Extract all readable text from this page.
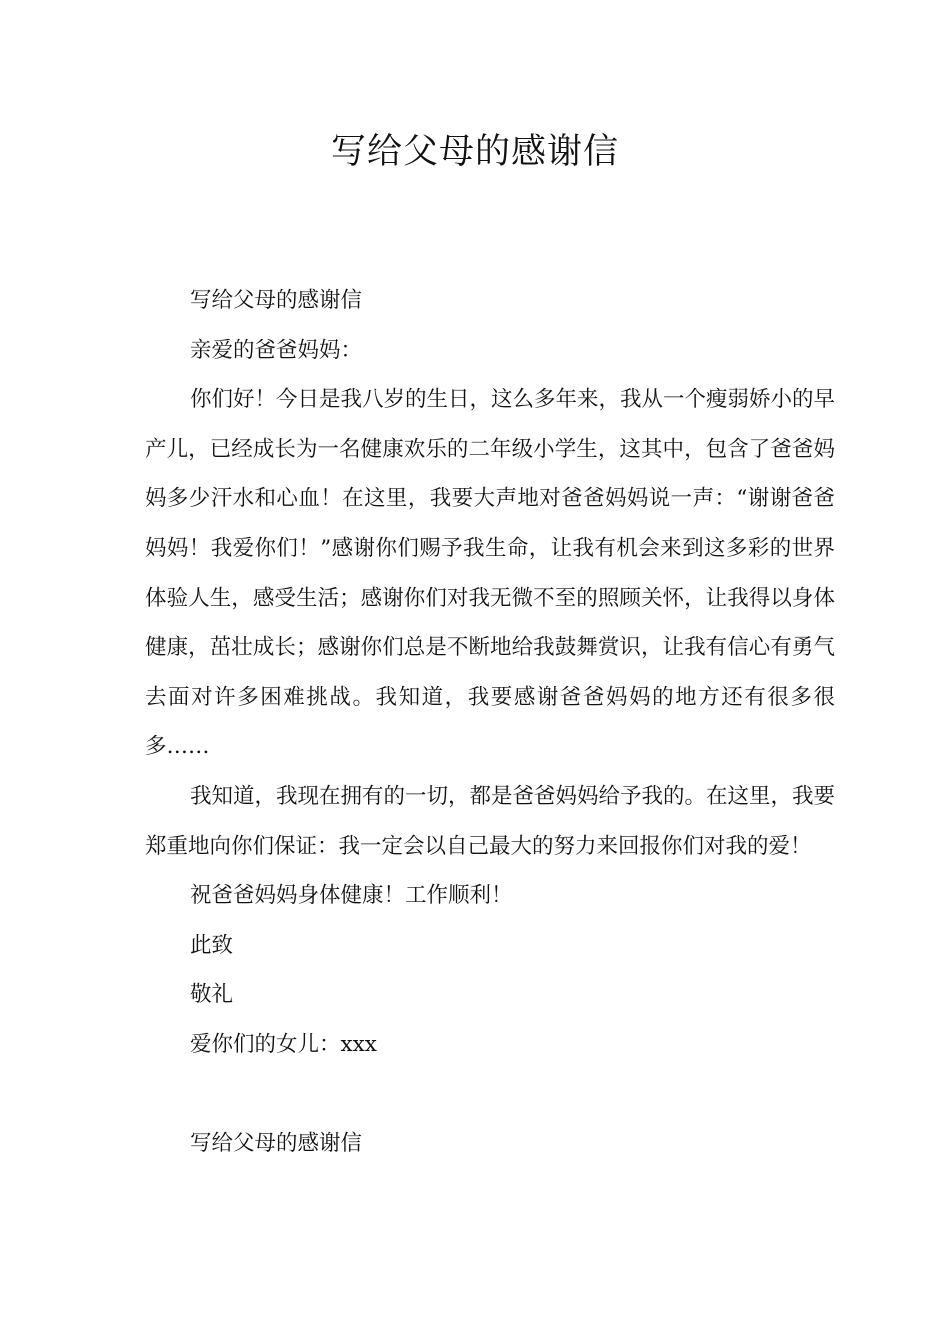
写给父母的感谢信

写给父母的感谢信

亲爱的爸爸妈妈：

你们好！今日是我八岁的生日，这么多年来，我从一个瘦弱娇小的早产儿，已经成长为一名健康欢乐的二年级小学生，这其中，包含了爸爸妈妈多少汗水和心血！在这里，我要大声地对爸爸妈妈说一声：“谢谢爸爸妈妈！我爱你们！”感谢你们赐予我生命，让我有机会来到这多彩的世界体验人生，感受生活；感谢你们对我无微不至的照顾关怀，让我得以身体健康，茁壮成长；感谢你们总是不断地给我鼓舞赏识，让我有信心有勇气去面对许多困难挑战。我知道，我要感谢爸爸妈妈的地方还有很多很多……

我知道，我现在拥有的一切，都是爸爸妈妈给予我的。在这里，我要郑重地向你们保证：我一定会以自己最大的努力来回报你们对我的爱！

祝爸爸妈妈身体健康！工作顺利！

此致

敬礼

爱你们的女儿：xxx

写给父母的感谢信
